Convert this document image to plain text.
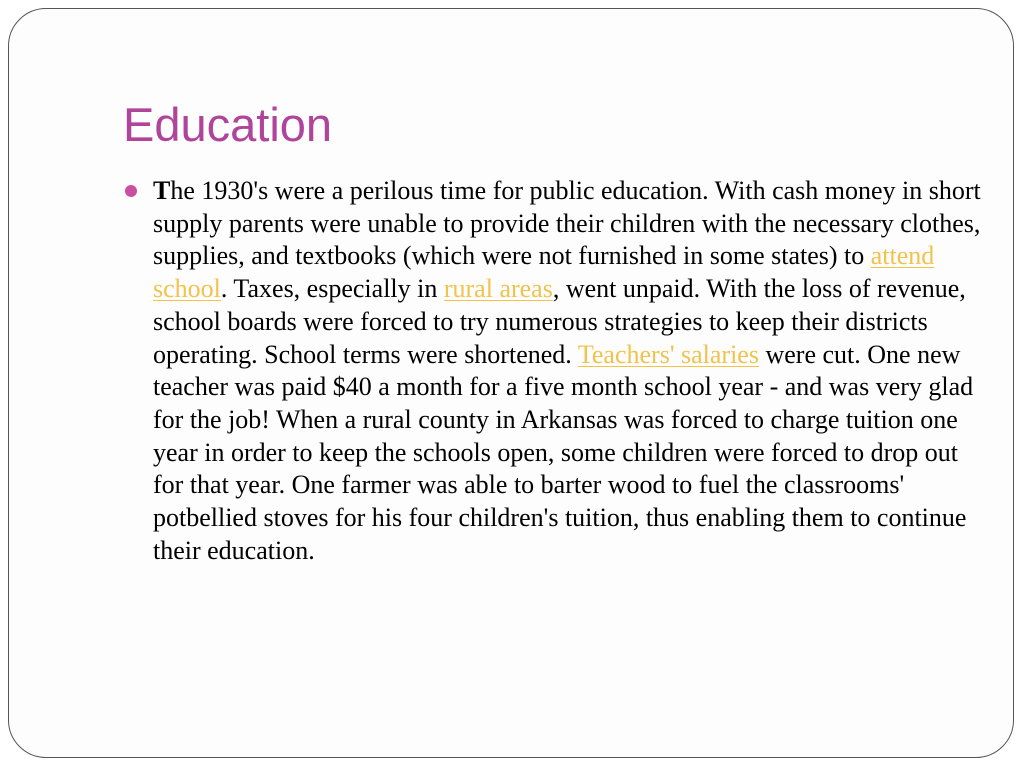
Education
The 1930's were a perilous time for public education. With cash money in short supply parents were unable to provide their children with the necessary clothes, supplies, and textbooks (which were not furnished in some states) to attend school. Taxes, especially in rural areas, went unpaid. With the loss of revenue, school boards were forced to try numerous strategies to keep their districts operating. School terms were shortened. Teachers' salaries were cut. One new teacher was paid $40 a month for a five month school year - and was very glad for the job! When a rural county in Arkansas was forced to charge tuition one year in order to keep the schools open, some children were forced to drop out for that year. One farmer was able to barter wood to fuel the classrooms' potbellied stoves for his four children's tuition, thus enabling them to continue their education.
